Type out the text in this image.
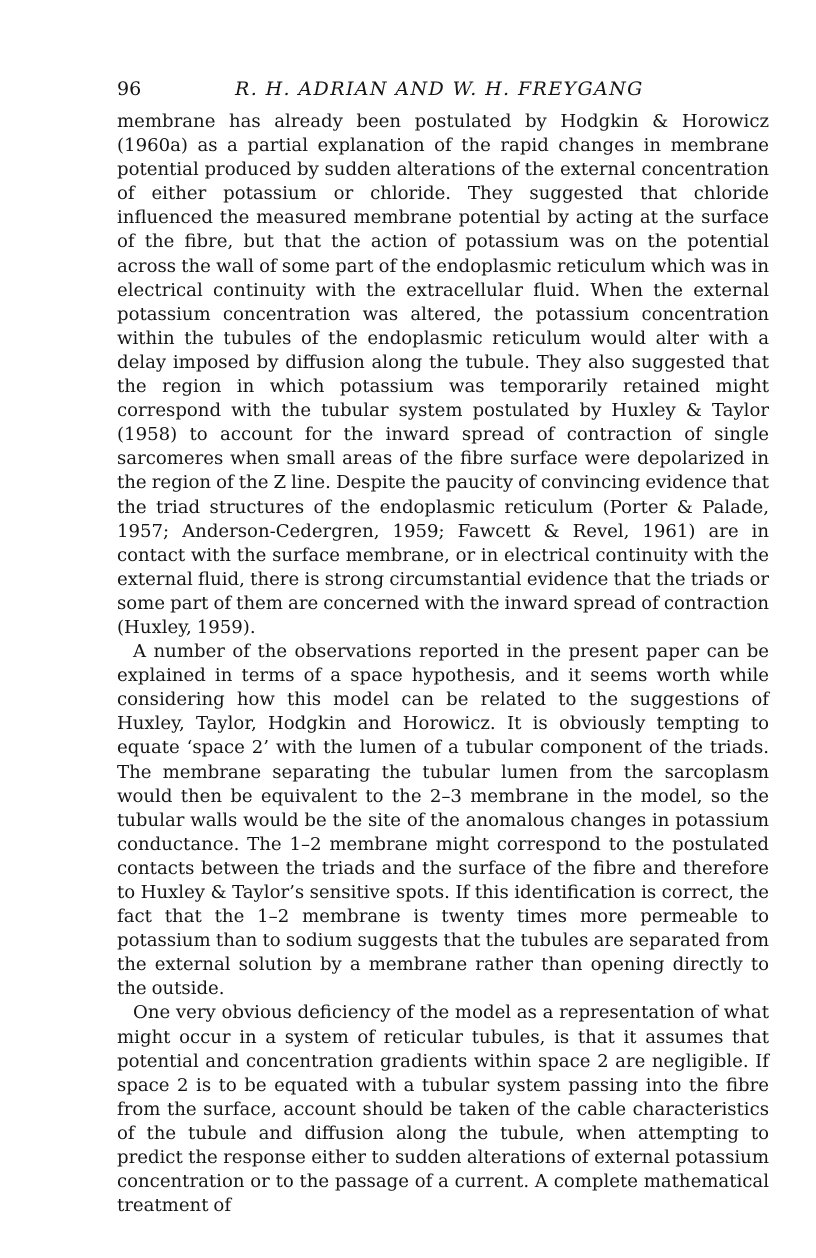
96	R. H. ADRIAN AND W. H. FREYGANG

membrane has already been postulated by Hodgkin & Horowicz (1960a) as a partial explanation of the rapid changes in membrane potential produced by sudden alterations of the external concentration of either potassium or chloride. They suggested that chloride influenced the measured membrane potential by acting at the surface of the fibre, but that the action of potassium was on the potential across the wall of some part of the endoplasmic reticulum which was in electrical continuity with the extracellular fluid. When the external potassium concentration was altered, the potassium concentration within the tubules of the endoplasmic reticulum would alter with a delay imposed by diffusion along the tubule. They also suggested that the region in which potassium was temporarily retained might correspond with the tubular system postulated by Huxley & Taylor (1958) to account for the inward spread of contraction of single sarcomeres when small areas of the fibre surface were depolarized in the region of the Z line. Despite the paucity of convincing evidence that the triad structures of the endoplasmic reticulum (Porter & Palade, 1957; Anderson-Cedergren, 1959; Fawcett & Revel, 1961) are in contact with the surface membrane, or in electrical continuity with the external fluid, there is strong circumstantial evidence that the triads or some part of them are concerned with the inward spread of contraction (Huxley, 1959).

A number of the observations reported in the present paper can be explained in terms of a space hypothesis, and it seems worth while considering how this model can be related to the suggestions of Huxley, Taylor, Hodgkin and Horowicz. It is obviously tempting to equate ‘space 2’ with the lumen of a tubular component of the triads. The membrane separating the tubular lumen from the sarcoplasm would then be equivalent to the 2–3 membrane in the model, so the tubular walls would be the site of the anomalous changes in potassium conductance. The 1–2 membrane might correspond to the postulated contacts between the triads and the surface of the fibre and therefore to Huxley & Taylor’s sensitive spots. If this identification is correct, the fact that the 1–2 membrane is twenty times more permeable to potassium than to sodium suggests that the tubules are separated from the external solution by a membrane rather than opening directly to the outside.

One very obvious deficiency of the model as a representation of what might occur in a system of reticular tubules, is that it assumes that potential and concentration gradients within space 2 are negligible. If space 2 is to be equated with a tubular system passing into the fibre from the surface, account should be taken of the cable characteristics of the tubule and diffusion along the tubule, when attempting to predict the response either to sudden alterations of external potassium concentration or to the passage of a current. A complete mathematical treatment of
